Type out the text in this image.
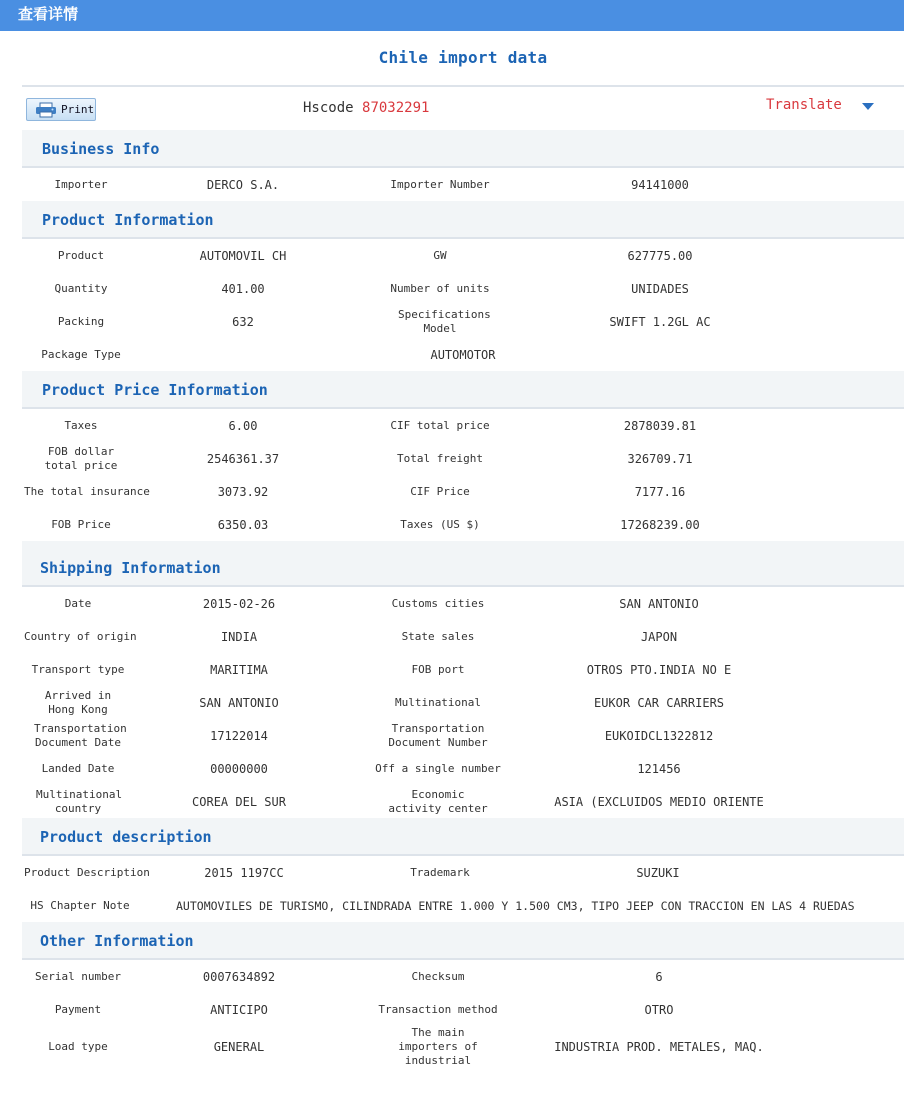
查看详情
Chile import data
Print	Hscode 87032291	Translate
Business Info
Importer	DERCO S.A.	Importer Number	94141000	
Product Information
Product	AUTOMOVIL CH	GW	627775.00	
Quantity	401.00	Number of units	UNIDADES	
Packing	632	Specifications Model	SWIFT 1.2GL AC	
Package Type	AUTOMOTOR			
Product Price Information
Taxes	6.00	CIF total price	2878039.81	
FOB dollar total price	2546361.37	Total freight	326709.71	
The total insurance	3073.92	CIF Price	7177.16	
FOB Price	6350.03	Taxes (US $)	17268239.00	
Shipping Information
Date	2015-02-26	Customs cities	SAN ANTONIO	
Country of origin	INDIA	State sales	JAPON	
Transport type	MARITIMA	FOB port	OTROS PTO.INDIA NO E	
Arrived in Hong Kong	SAN ANTONIO	Multinational	EUKOR CAR CARRIERS	
Transportation Document Date	17122014	Transportation Document Number	EUKOIDCL1322812	
Landed Date	00000000	Off a single number	121456	
Multinational country	COREA DEL SUR	Economic activity center	ASIA (EXCLUIDOS MEDIO ORIENTE	
Product description
Product Description	2015 1197CC	Trademark	SUZUKI	
HS Chapter Note	AUTOMOVILES DE TURISMO, CILINDRADA ENTRE 1.000 Y 1.500 CM3, TIPO JEEP CON TRACCION EN LAS 4 RUEDAS			
Other Information
Serial number	0007634892	Checksum	6	
Payment	ANTICIPO	Transaction method	OTRO	
Load type	GENERAL	The main importers of industrial	INDUSTRIA PROD. METALES, MAQ.	
